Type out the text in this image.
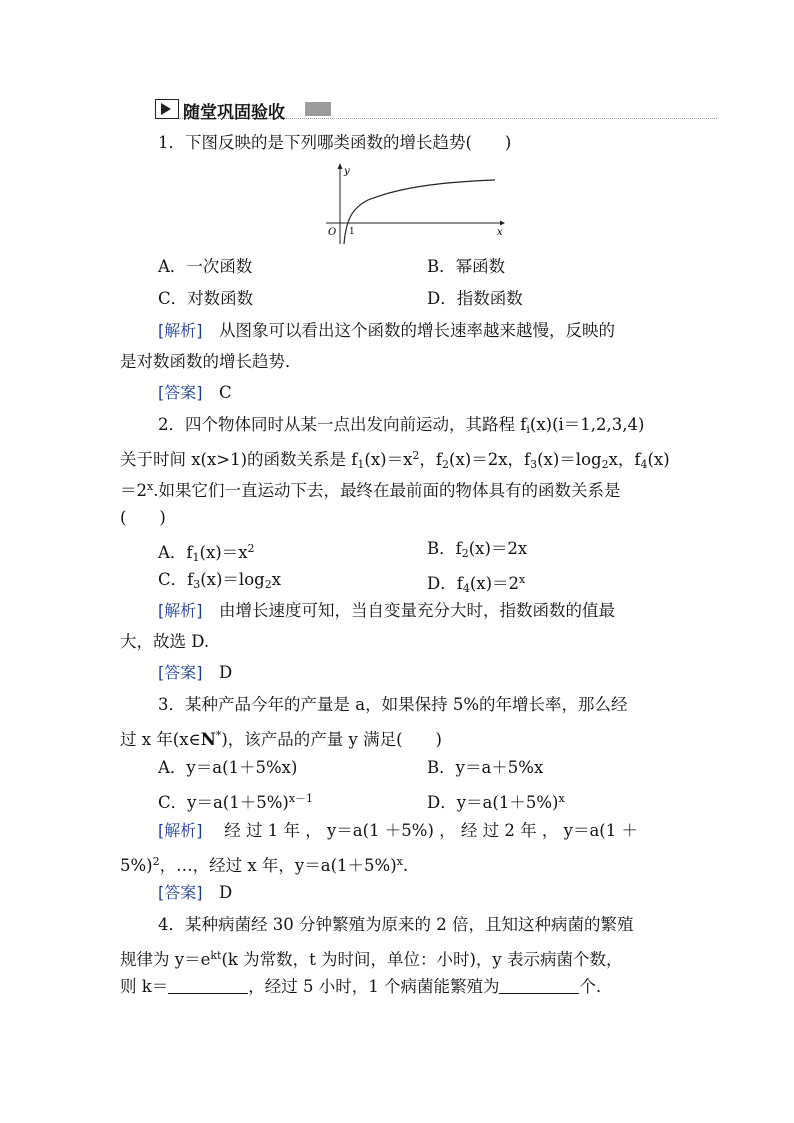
随堂巩固验收
1．下图反映的是下列哪类函数的增长趋势(　　)
y
x
O 1
A．一次函数	B．幂函数
C．对数函数	D．指数函数
[解析]　 从图象可以看出这个函数的增长速率越来越慢，反映的
是对数函数的增长趋势．
[答案]　 C
2．四个物体同时从某一点出发向前运动，其路程 $f_i(x)(i=1,2,3,4)$
关于时间 x(x>1)的函数关系是 $f_1(x)=x^2$，$f_2(x)=2x$，$f_3(x)=\log_2x$，$f_4(x)$
$=2^x$.如果它们一直运动下去，最终在最前面的物体具有的函数关系是
(　　)
A．$f_1(x)=x^2$	B．$f_2(x)=2x$
C．$f_3(x)=\log_2x$	D．$f_4(x)=2^x$
[解析]　 由增长速度可知，当自变量充分大时，指数函数的值最
大，故选 D.
[答案]　 D
3．某种产品今年的产量是 a，如果保持 5%的年增长率，那么经
过 x 年(x∈N*)，该产品的产量 y 满足(　　)
A．y＝a(1＋5%x)	B．y＝a＋5%x
C．$y=a(1+5\%)^{x-1}$	D．$y=a(1+5\%)^x$
[解析]　 经 过 1 年 ， y＝a(1 ＋5%) ， 经 过 2 年 ， y＝a(1 ＋
5%)$^2$，…，经过 x 年，$y=a(1+5\%)^x$.
[答案]　 D
4．某种病菌经 30 分钟繁殖为原来的 2 倍，且知这种病菌的繁殖
规律为 $y=e^{kt}(k$ 为常数，t 为时间，单位：小时)，y 表示病菌个数，
则 k＝	，经过 5 小时，1 个病菌能繁殖为	个．
